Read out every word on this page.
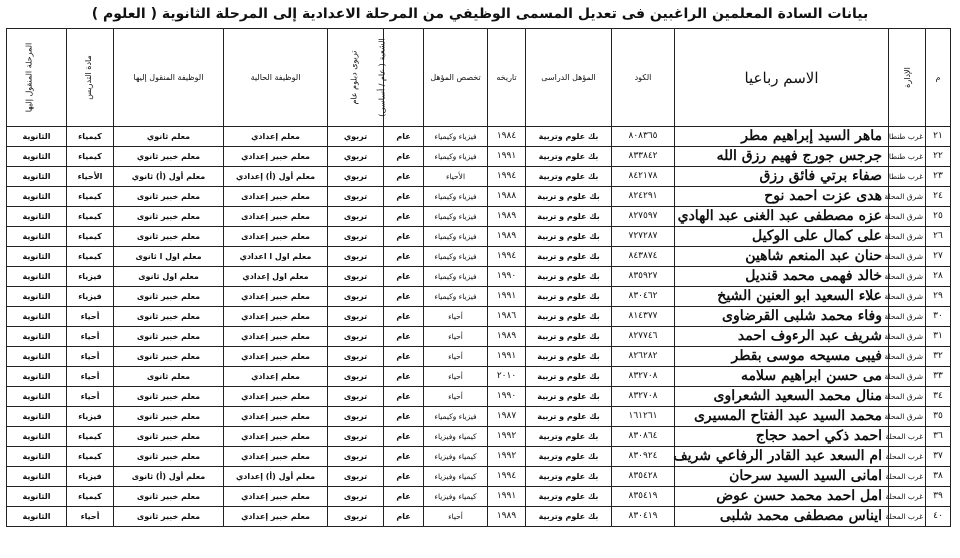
بيانات السادة المعلمين الراغبين فى تعديل المسمى الوظيفي من المرحلة الاعدادية إلى المرحلة الثانوية ( العلوم )
م	الإدارة	الاسم رباعيا	الكود	المؤهل الدراسى	تاريخه	تخصص المؤهل	الشعبة ( عام / أساسى)	تربوى دبلوم عام	الوظيفة الحالية	الوظيفة المنقول إليها	مادة التدريس	المرحلة المنقول إليها
٢١	غرب طنطا	ماهر السيد إبراهيم مطر	٨٠٨٣٦٥	بك علوم وتربية	١٩٨٤	فيزياء وكيمياء	عام	تربوي	معلم إعدادي	معلم ثانوي	كيمياء	الثانوية
٢٢	غرب طنطا	جرجس جورج فهيم رزق الله	٨٣٣٨٤٢	بك علوم وتربية	١٩٩١	فيزياء وكيمياء	عام	تربوي	معلم خبير إعدادي	معلم خبير ثانوي	كيمياء	الثانوية
٢٣	غرب طنطا	صفاء برتي فائق رزق	٨٤٢١٧٨	بك علوم وتربية	١٩٩٤	الأحياء	عام	تربوي	معلم أول (أ) إعدادي	معلم أول (أ) ثانوي	الأحياء	الثانوية
٢٤	شرق المحلة	هدى عزت احمد نوح	٨٢٤٢٩١	بك علوم و تربية	١٩٨٨	فيزياء وكيمياء	عام	تربوى	معلم خبير إعدادى	معلم خبير ثانوى	كيمياء	الثانوية
٢٥	شرق المحلة	عزه مصطفى عبد الغنى عبد الهادي	٨٢٧٥٩٧	بك علوم و تربية	١٩٨٩	فيزياء وكيمياء	عام	تربوى	معلم خبير إعدادى	معلم خبير ثانوى	كيمياء	الثانوية
٢٦	شرق المحلة	على كمال على الوكيل	٧٢٧٢٨٧	بك علوم و تربية	١٩٨٩	فيزياء وكيمياء	عام	تربوى	معلم خبير إعدادى	معلم خبير ثانوى	كيمياء	الثانوية
٢٧	شرق المحلة	حنان عبد المنعم شاهين	٨٤٣٨٧٤	بك علوم و تربية	١٩٩٤	فيزياء وكيمياء	عام	تربوى	معلم اول ا اعدادي	معلم اول ا ثانوى	كيمياء	الثانوية
٢٨	شرق المحلة	خالد فهمى محمد قنديل	٨٣٥٩٢٧	بك علوم و تربية	١٩٩٠	فيزياء وكيمياء	عام	تربوى	معلم اول إعدادي	معلم اول ثانوى	فيزياء	الثانوية
٢٩	شرق المحلة	علاء السعيد ابو العنين الشيخ	٨٣٠٤٦٢	بك علوم و تربية	١٩٩١	فيزياء وكيمياء	عام	تربوى	معلم خبير إعدادي	معلم خبير ثانوى	فيزياء	الثانوية
٣٠	شرق المحلة	وفاء محمد شلبى القرضاوى	٨١٤٣٧٧	بك علوم و تربية	١٩٨٦	أحياء	عام	تربوى	معلم خبير إعدادي	معلم خبير ثانوى	أحياء	الثانوية
٣١	شرق المحلة	شريف عبد الرءوف احمد	٨٢٧٧٤٦	بك علوم و تربية	١٩٨٩	أحياء	عام	تربوى	معلم خبير إعدادي	معلم خبير ثانوى	أحياء	الثانوية
٣٢	شرق المحلة	فيبى مسيحه موسى بقطر	٨٢٦٢٨٢	بك علوم و تربية	١٩٩١	أحياء	عام	تربوى	معلم خبير إعدادي	معلم خبير ثانوى	أحياء	الثانوية
٣٣	شرق المحلة	مى حسن ابراهيم سلامه	٨٣٢٧٠٨	بك علوم و تربية	٢٠١٠	أحياء	عام	تربوى	معلم إعدادي	معلم ثانوى	أحياء	الثانوية
٣٤	شرق المحلة	منال محمد السعيد الشعراوى	٨٣٢٧٠٨	بك علوم و تربية	١٩٩٠	أحياء	عام	تربوى	معلم خبير إعدادي	معلم خبير ثانوى	أحياء	الثانوية
٣٥	شرق المحلة	محمد السيد عبد الفتاح المسيرى	١٦١٢٦١	بك علوم و تربية	١٩٨٧	فيزياء وكيمياء	عام	تربوى	معلم خبير إعدادي	معلم خبير ثانوى	فيزياء	الثانوية
٣٦	غرب المحلة	احمد ذكي احمد حجاج	٨٣٠٨٦٤	بك علوم وتربية	١٩٩٢	كيمياء وفيزياء	عام	تربوى	معلم خبير إعدادي	معلم خبير ثانوى	كيمياء	الثانوية
٣٧	غرب المحلة	ام السعد عبد القادر الرفاعي شريف	٨٣٠٩٢٤	بك علوم وتربية	١٩٩٢	كيمياء وفيزياء	عام	تربوى	معلم خبير إعدادي	معلم خبير ثانوى	كيمياء	الثانوية
٣٨	غرب المحلة	امانى السيد السيد سرحان	٨٣٥٤٢٨	بك علوم وتربية	١٩٩٤	كيمياء وفيزياء	عام	تربوى	معلم أول (أ) إعدادي	معلم أول (أ) ثانوى	فيزياء	الثانوية
٣٩	غرب المحلة	امل احمد محمد حسن عوض	٨٣٥٤١٩	بك علوم وتربية	١٩٩١	كيمياء وفيزياء	عام	تربوى	معلم خبير إعدادي	معلم خبير ثانوى	كيمياء	الثانوية
٤٠	غرب المحلة	ايناس مصطفى محمد شلبى	٨٣٠٤١٩	بك علوم وتربية	١٩٨٩	أحياء	عام	تربوى	معلم خبير إعدادي	معلم خبير ثانوى	أحياء	الثانوية
